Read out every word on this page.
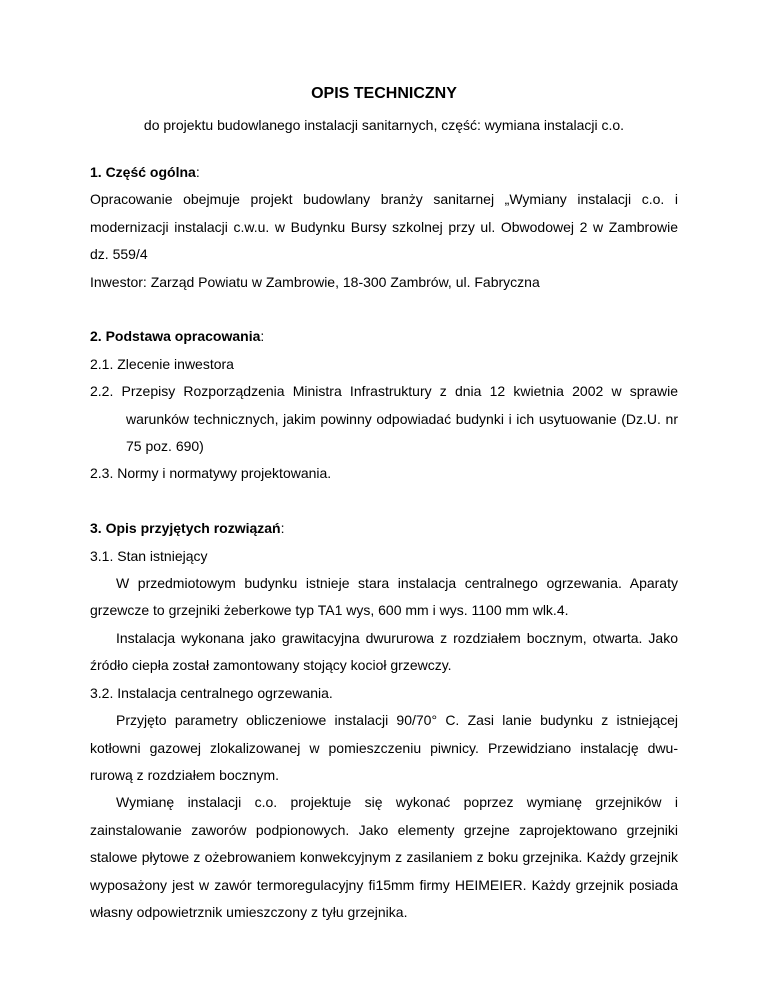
OPIS TECHNICZNY
do projektu budowlanego instalacji sanitarnych, część: wymiana instalacji c.o.

1. Część ogólna:

Opracowanie obejmuje projekt budowlany branży sanitarnej „Wymiany instalacji c.o. i modernizacji instalacji c.w.u. w Budynku Bursy szkolnej przy ul. Obwodowej 2 w Zambrowie dz. 559/4

Inwestor: Zarząd Powiatu w Zambrowie, 18-300 Zambrów, ul. Fabryczna

2. Podstawa opracowania:

2.1. Zlecenie inwestora

2.2. Przepisy Rozporządzenia Ministra Infrastruktury z dnia 12 kwietnia 2002 w sprawie warunków technicznych, jakim powinny odpowiadać budynki i ich usytuowanie (Dz.U. nr 75 poz. 690)

2.3. Normy i normatywy projektowania.

3. Opis przyjętych rozwiązań:

3.1. Stan istniejący

W przedmiotowym budynku istnieje stara instalacja centralnego ogrzewania. Aparaty grzewcze to grzejniki żeberkowe typ TA1 wys, 600 mm i wys. 1100 mm wlk.4.

Instalacja wykonana jako grawitacyjna dwururowa z rozdziałem bocznym, otwarta. Jako źródło ciepła został zamontowany stojący kocioł grzewczy.

3.2. Instalacja centralnego ogrzewania.

Przyjęto parametry obliczeniowe instalacji 90/70° C. Zasi lanie budynku z istniejącej kotłowni gazowej zlokalizowanej w pomieszczeniu piwnicy. Przewidziano instalację dwu-rurową z rozdziałem bocznym.

Wymianę instalacji c.o. projektuje się wykonać poprzez wymianę grzejników i zainstalowanie zaworów podpionowych. Jako elementy grzejne zaprojektowano grzejniki stalowe płytowe z ożebrowaniem konwekcyjnym z zasilaniem z boku grzejnika. Każdy grzejnik wyposażony jest w zawór termoregulacyjny fi15mm firmy HEIMEIER. Każdy grzejnik posiada własny odpowietrznik umieszczony z tyłu grzejnika.
